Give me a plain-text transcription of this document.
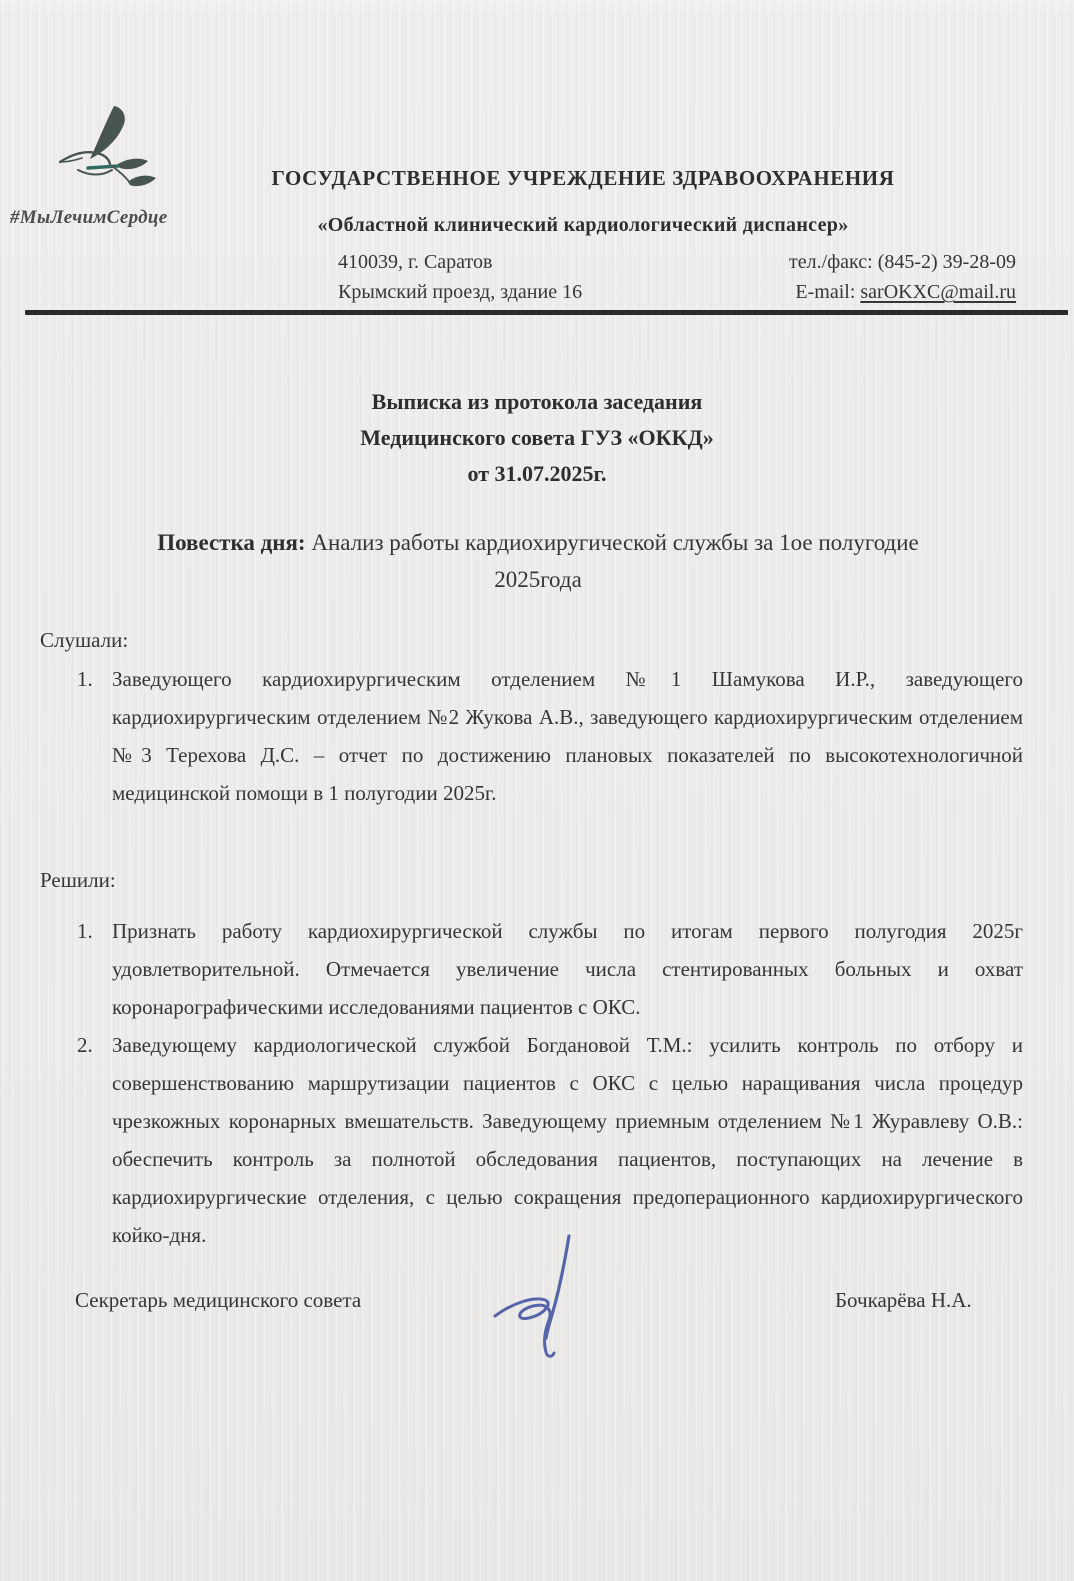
#МыЛечимСердце
ГОСУДАРСТВЕННОЕ УЧРЕЖДЕНИЕ ЗДРАВООХРАНЕНИЯ
«Областной клинический кардиологический диспансер»
410039, г. Саратов
Крымский проезд, здание 16
тел./факс: (845-2) 39-28-09
E-mail: sarOKXC@mail.ru
Выписка из протокола заседания
Медицинского совета ГУЗ «ОККД»
от 31.07.2025г.
Повестка дня: Анализ работы кардиохиругической службы за 1ое полугодие
2025года
Слушали:
Заведующего кардиохирургическим отделением №1 Шамукова И.Р., заведующего кардиохирургическим отделением №2 Жукова А.В., заведующего кардиохирургическим отделением №3 Терехова Д.С. – отчет по достижению плановых показателей по высокотехнологичной медицинской помощи в 1 полугодии 2025г.
Решили:
Признать работу кардиохирургической службы по итогам первого полугодия 2025г удовлетворительной. Отмечается увеличение числа стентированных больных и охват коронарографическими исследованиями пациентов с ОКС.
Заведующему кардиологической службой Богдановой Т.М.: усилить контроль по отбору и совершенствованию маршрутизации пациентов с ОКС с целью наращивания числа процедур чрезкожных коронарных вмешательств. Заведующему приемным отделением №1 Журавлеву О.В.: обеспечить контроль за полнотой обследования пациентов, поступающих на лечение в кардиохирургические отделения, с целью сокращения предоперационного кардиохирургического койко-дня.
Секретарь медицинского совета	Бочкарёва Н.А.
